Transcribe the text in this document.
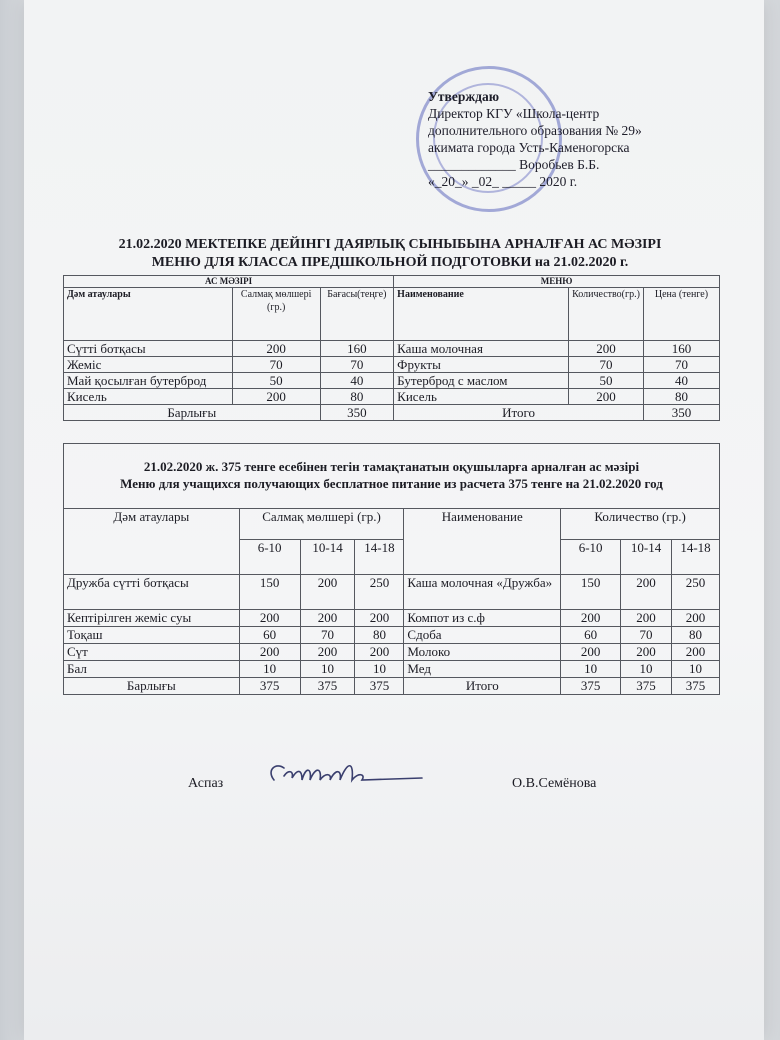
Утверждаю
Директор КГУ «Школа-центр
дополнительного образования № 29»
акимата города Усть-Каменогорска
_____________ Воробьев Б.Б.
«_20_» _02_ _____ 2020 г.
21.02.2020 МЕКТЕПКЕ ДЕЙІНГІ ДАЯРЛЫҚ СЫНЫБЫНА АРНАЛҒАН АС МӘЗІРІ
МЕНЮ ДЛЯ КЛАССА ПРЕДШКОЛЬНОЙ ПОДГОТОВКИ на 21.02.2020 г.
АС МӘЗІРІ			МЕНЮ		
Дәм атаулары	Салмақ мөлшері (гр.)	Бағасы(теңге)	Наименование	Количество(гр.)	Цена (тенге)
Сүтті ботқасы	200	160	Каша молочная	200	160
Жеміс	70	70	Фрукты	70	70
Май қосылған бутерброд	50	40	Бутерброд с маслом	50	40
Кисель	200	80	Кисель	200	80
Барлығы		350	Итого		350
21.02.2020 ж. 375 тенге есебінен тегін тамақтанатын оқушыларға арналған ас мәзірі
Меню для учащихся получающих бесплатное питание из расчета 375 тенге на 21.02.2020 год							

Дәм атаулары	Салмақ мөлшері (гр.)			Наименование	Количество (гр.)		
	6-10	10-14	14-18		6-10	10-14	14-18
Дружба сүтті ботқасы	150	200	250	Каша молочная «Дружба»	150	200	250
Кептірілген жеміс суы	200	200	200	Компот из с.ф	200	200	200
Тоқаш	60	70	80	Сдоба	60	70	80
Сүт	200	200	200	Молоко	200	200	200
Бал	10	10	10	Мед	10	10	10
Барлығы	375	375	375	Итого	375	375	375
Аспаз	О.В.Семёнова
